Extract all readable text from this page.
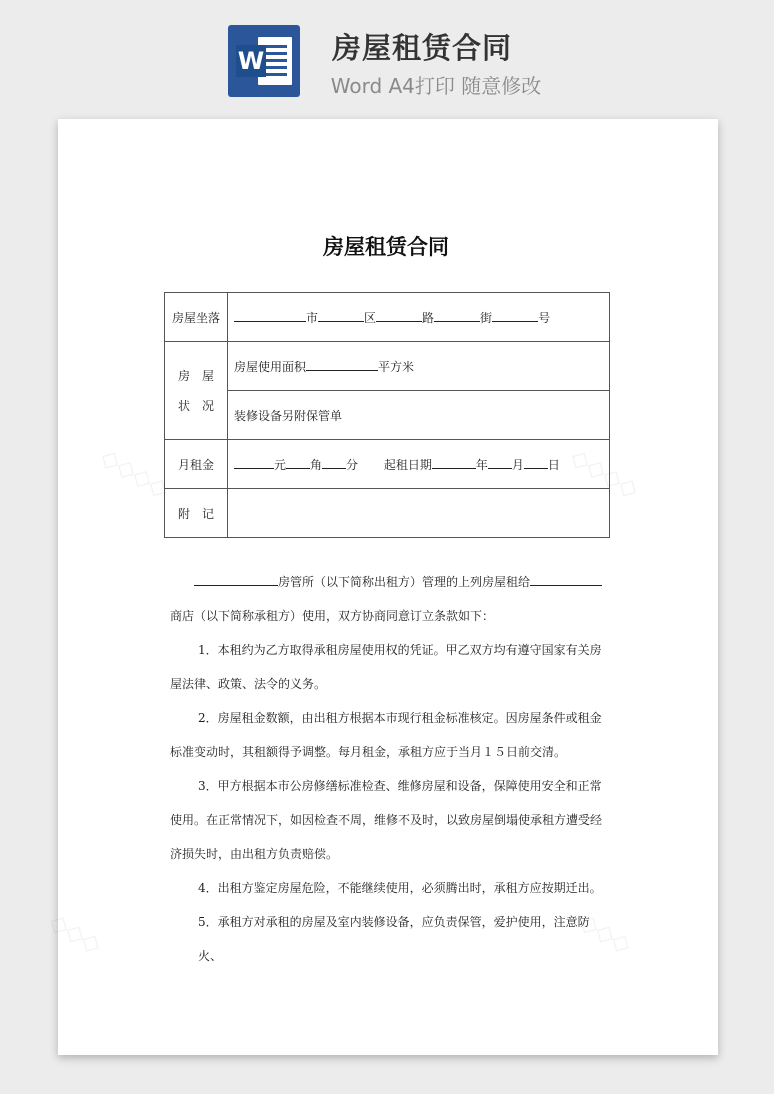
W	房屋租赁合同
Word A4打印 随意修改
◇◇◇◇	◇◇◇◇
◇◇◇	◇◇◇
房屋租赁合同
房屋坐落	市 区 路 街 号

房　屋
状　况	房屋使用面积 平方米
	装修设备另附保管单
月租金	元 角 分 起租日期 年 月 日
附　记	

房管所（以下简称出租方）管理的上列房屋租给

商店（以下简称承租方）使用，双方协商同意订立条款如下：

1．本租约为乙方取得承租房屋使用权的凭证。甲乙双方均有遵守国家有关房

屋法律、政策、法令的义务。

2．房屋租金数额，由出租方根据本市现行租金标准核定。因房屋条件或租金

标准变动时，其租额得予调整。每月租金，承租方应于当月１５日前交清。

3．甲方根据本市公房修缮标准检查、维修房屋和设备，保障使用安全和正常

使用。在正常情况下，如因检查不周，维修不及时，以致房屋倒塌使承租方遭受经

济损失时，由出租方负责赔偿。

4．出租方鉴定房屋危险，不能继续使用，必须腾出时，承租方应按期迁出。

5．承租方对承租的房屋及室内装修设备，应负责保管，爱护使用，注意防火、
